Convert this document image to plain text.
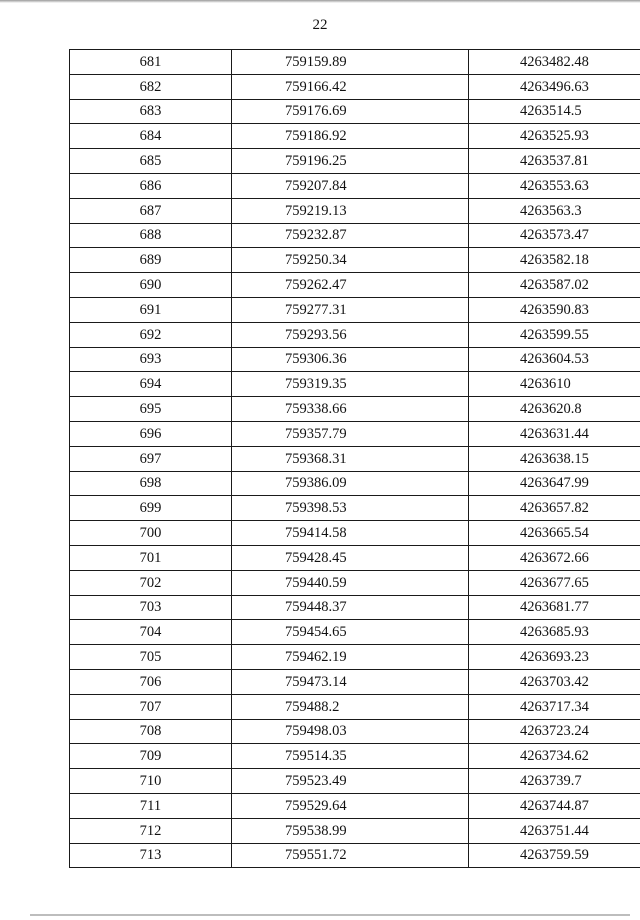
22
681	759159.89	4263482.48
682	759166.42	4263496.63
683	759176.69	4263514.5
684	759186.92	4263525.93
685	759196.25	4263537.81
686	759207.84	4263553.63
687	759219.13	4263563.3
688	759232.87	4263573.47
689	759250.34	4263582.18
690	759262.47	4263587.02
691	759277.31	4263590.83
692	759293.56	4263599.55
693	759306.36	4263604.53
694	759319.35	4263610
695	759338.66	4263620.8
696	759357.79	4263631.44
697	759368.31	4263638.15
698	759386.09	4263647.99
699	759398.53	4263657.82
700	759414.58	4263665.54
701	759428.45	4263672.66
702	759440.59	4263677.65
703	759448.37	4263681.77
704	759454.65	4263685.93
705	759462.19	4263693.23
706	759473.14	4263703.42
707	759488.2	4263717.34
708	759498.03	4263723.24
709	759514.35	4263734.62
710	759523.49	4263739.7
711	759529.64	4263744.87
712	759538.99	4263751.44
713	759551.72	4263759.59
